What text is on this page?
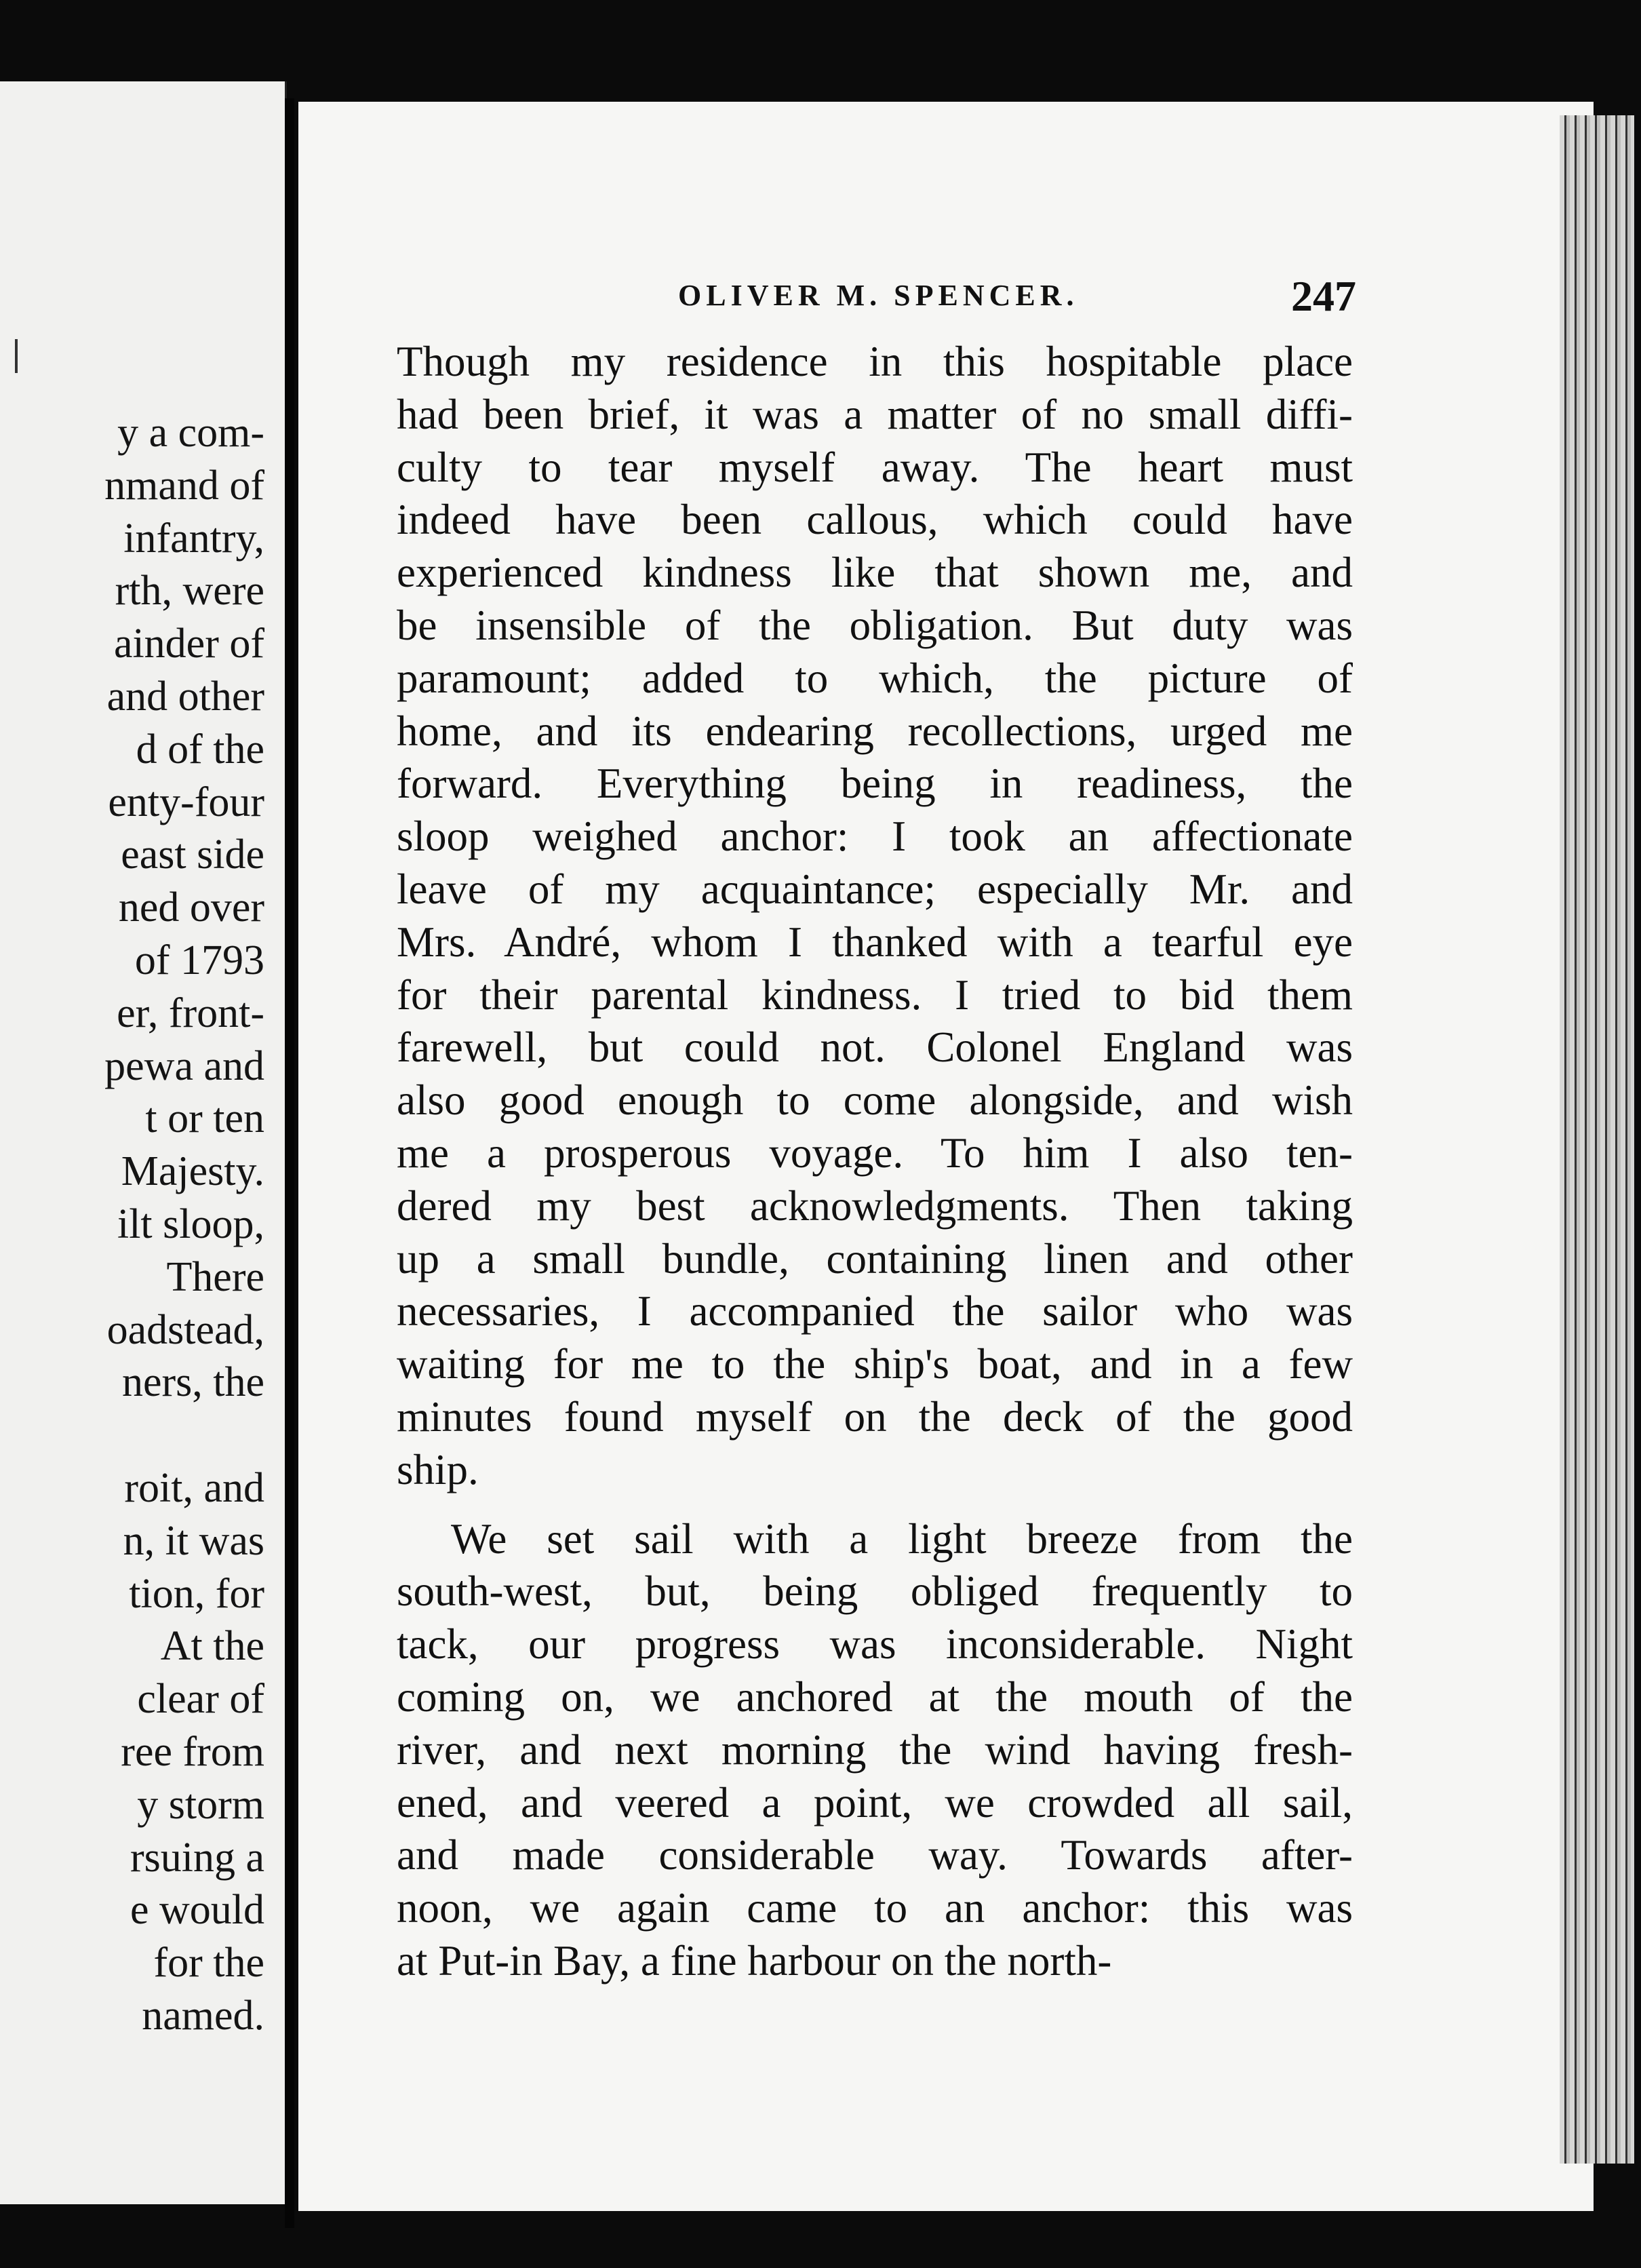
y a com-
nmand of
infantry,
rth, were
ainder of
and other
d of the
enty-four
east side
ned over
of 1793
er, front-
pewa and
t or ten
Majesty.
ilt sloop,
There
oadstead,
ners, the

roit, and
n, it was
tion, for
At the
clear of
ree from
y storm
rsuing a
e would
for the
named.
OLIVER M. SPENCER.	247
Though my residence in this hospitable place
had been brief, it was a matter of no small diffi-
culty to tear myself away. The heart must
indeed have been callous, which could have
experienced kindness like that shown me, and
be insensible of the obligation. But duty was
paramount; added to which, the picture of
home, and its endearing recollections, urged me
forward. Everything being in readiness, the
sloop weighed anchor: I took an affectionate
leave of my acquaintance; especially Mr. and
Mrs. André, whom I thanked with a tearful eye
for their parental kindness. I tried to bid them
farewell, but could not. Colonel England was
also good enough to come alongside, and wish
me a prosperous voyage. To him I also ten-
dered my best acknowledgments. Then taking
up a small bundle, containing linen and other
necessaries, I accompanied the sailor who was
waiting for me to the ship's boat, and in a few
minutes found myself on the deck of the good
ship.
We set sail with a light breeze from the
south-west, but, being obliged frequently to
tack, our progress was inconsiderable. Night
coming on, we anchored at the mouth of the
river, and next morning the wind having fresh-
ened, and veered a point, we crowded all sail,
and made considerable way. Towards after-
noon, we again came to an anchor: this was
at Put-in Bay, a fine harbour on the north-
